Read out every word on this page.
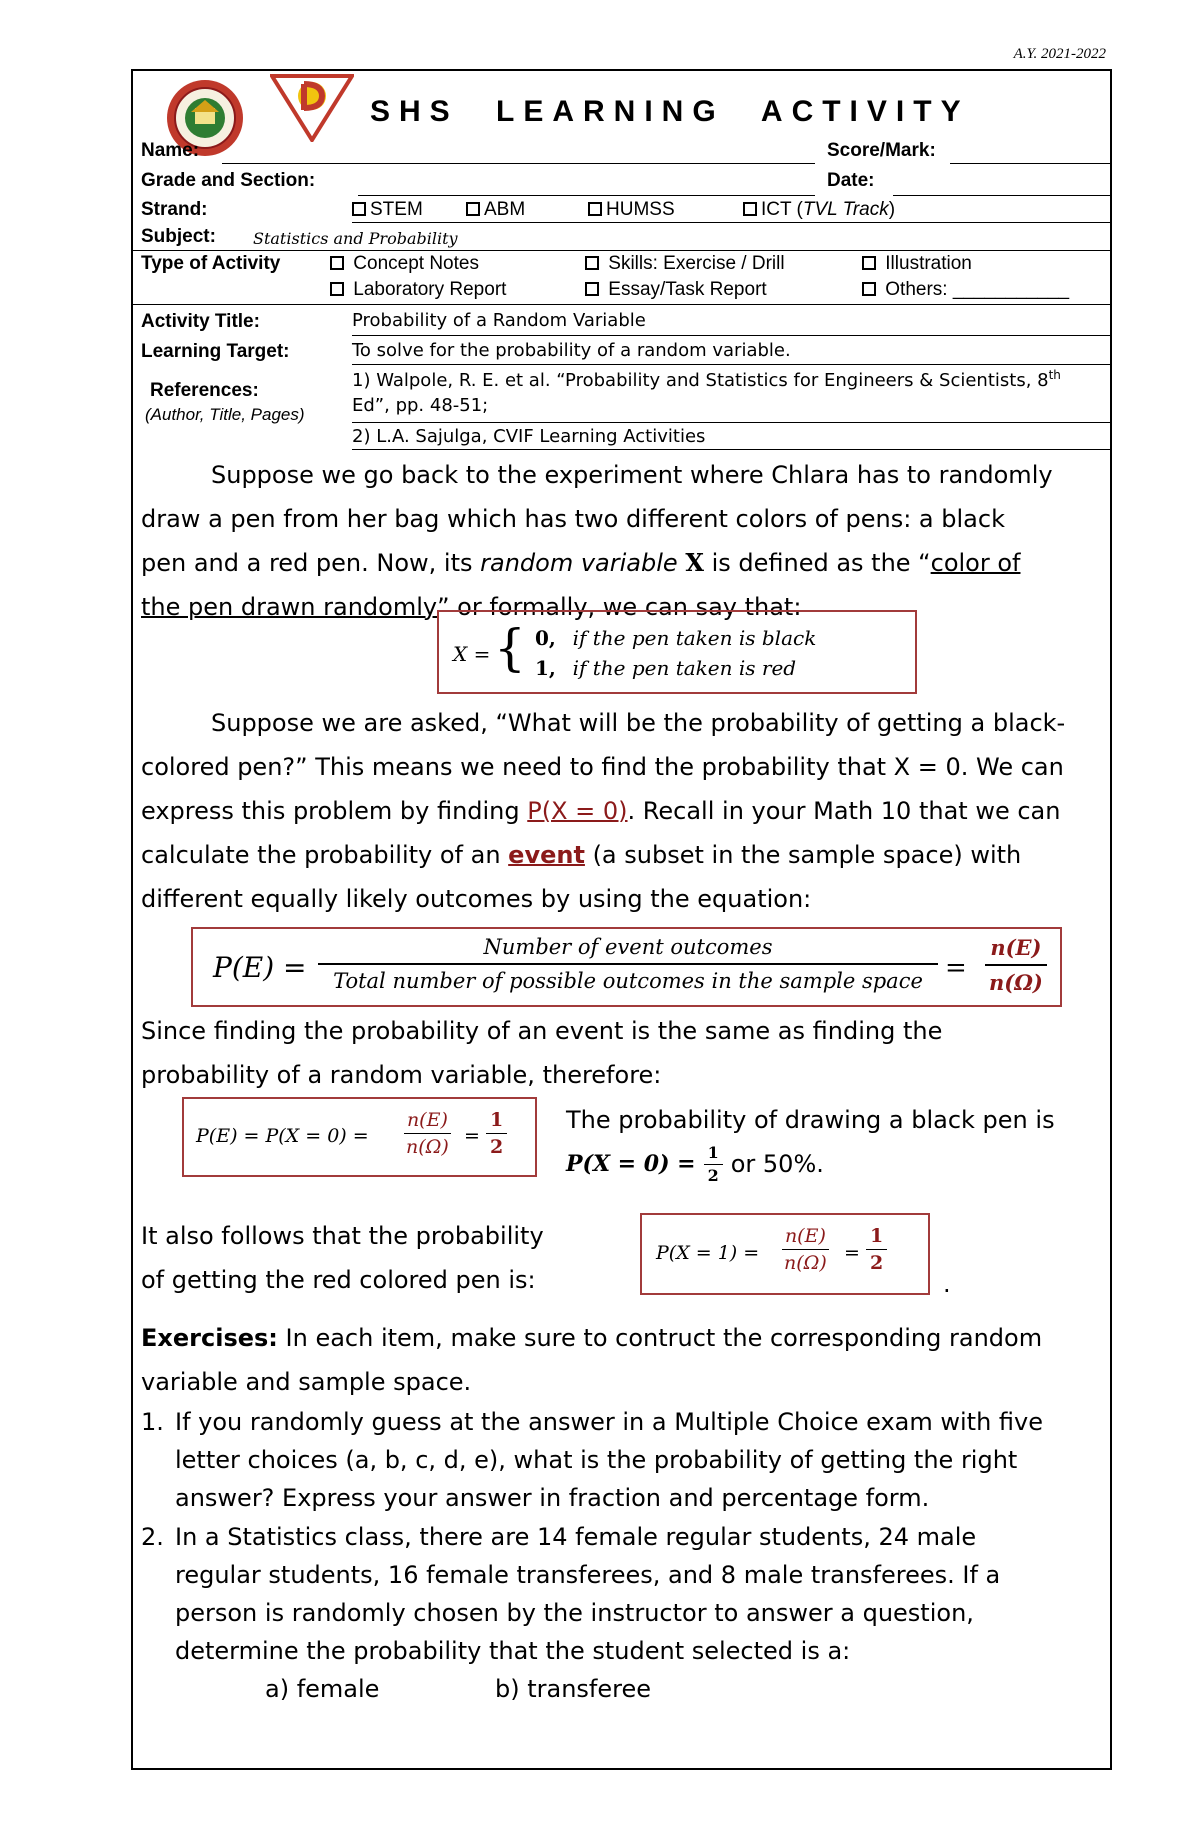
A.Y. 2021-2022
SHS LEARNING ACTIVITY
Name:	Score/Mark:
Grade and Section:	Date:
Strand:	STEM	ABM	HUMSS	ICT (TVL Track)
Subject: Statistics and Probability
Type of Activity	Concept Notes	Skills: Exercise / Drill	Illustration
Laboratory Report	Essay/Task Report	Others: ___________
Activity Title:	Probability of a Random Variable
Learning Target:	To solve for the probability of a random variable.
References:
(Author, Title, Pages)
1) Walpole, R. E. et al. “Probability and Statistics for Engineers & Scientists, 8th
Ed”, pp. 48-51;
2) L.A. Sajulga, CVIF Learning Activities
Suppose we go back to the experiment where Chlara has to randomly
draw a pen from her bag which has two different colors of pens: a black
pen and a red pen. Now, its random variable X is defined as the “color of
the pen drawn randomly” or formally, we can say that:
X = { 0, if the pen taken is black
1, if the pen taken is red
Suppose we are asked, “What will be the probability of getting a black-
colored pen?” This means we need to find the probability that X = 0. We can
express this problem by finding P(X = 0). Recall in your Math 10 that we can
calculate the probability of an event (a subset in the sample space) with
different equally likely outcomes by using the equation:
P(E) =
Number of event outcomes
Total number of possible outcomes in the sample space = $\frac{n(E)}{n(\Omega)}$
Since finding the probability of an event is the same as finding the
probability of a random variable, therefore:
$P(E) = P(X = 0) = \frac{n(E)}{n(\Omega)}$ =
1
2
The probability of drawing a black pen is
$P(X = 0) = \frac{1}{2}$ or 50%.
It also follows that the probability
of getting the red colored pen is:
$P(X = 1) = \frac{n(E)}{n(\Omega)}$ =
1
2
.
Exercises: In each item, make sure to contruct the corresponding random
variable and sample space.
1. If you randomly guess at the answer in a Multiple Choice exam with five
letter choices (a, b, c, d, e), what is the probability of getting the right
answer? Express your answer in fraction and percentage form.
2. In a Statistics class, there are 14 female regular students, 24 male
regular students, 16 female transferees, and 8 male transferees. If a
person is randomly chosen by the instructor to answer a question,
determine the probability that the student selected is a:
a) female	b) transferee
